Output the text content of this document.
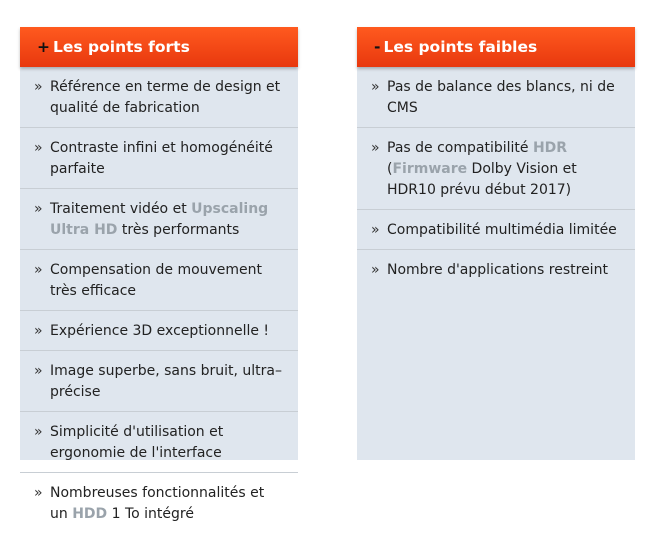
+ Les points forts
» Référence en terme de design et qualité de fabrication
» Contraste infini et homogénéité parfaite
» Traitement vidéo et Upscaling Ultra HD très performants
» Compensation de mouvement très efficace
» Expérience 3D exceptionnelle !
» Image superbe, sans bruit, ultra–précise
» Simplicité d'utilisation et ergonomie de l'interface
» Nombreuses fonctionnalités et un HDD 1 To intégré
- Les points faibles
» Pas de balance des blancs, ni de CMS
» Pas de compatibilité HDR (Firmware Dolby Vision et HDR10 prévu début 2017)
» Compatibilité multimédia limitée
» Nombre d'applications restreint
